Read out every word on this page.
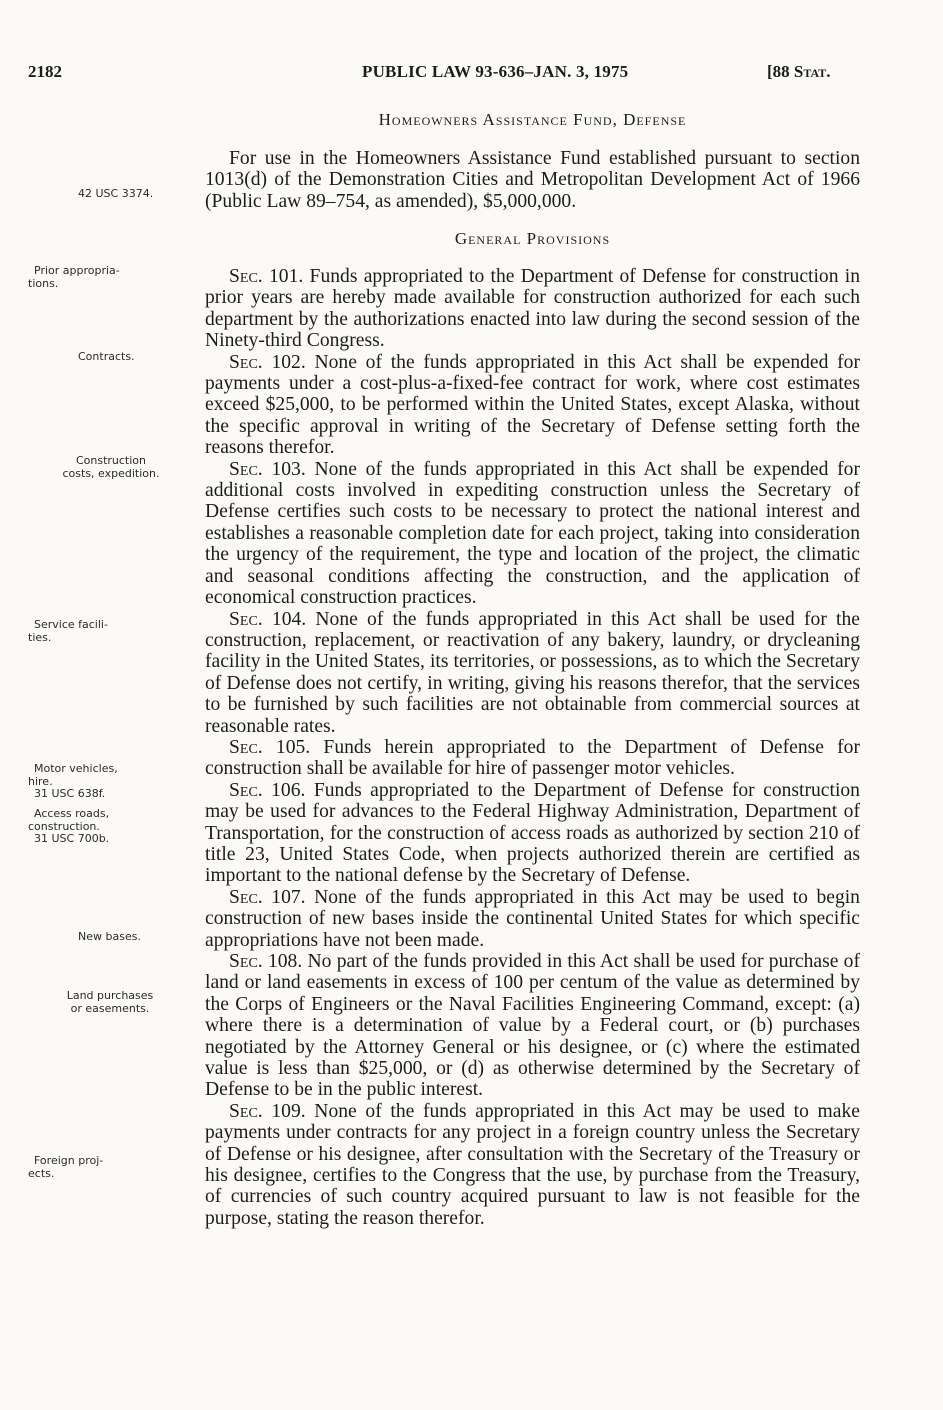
2182	PUBLIC LAW 93-636–JAN. 3, 1975	[88 Stat.
Homeowners Assistance Fund, Defense
General Provisions

For use in the Homeowners Assistance Fund established pursuant to section 1013(d) of the Demonstration Cities and Metropolitan Development Act of 1966 (Public Law 89–754, as amended), $5,000,000.

Sec. 101. Funds appropriated to the Department of Defense for construction in prior years are hereby made available for construction authorized for each such department by the authorizations enacted into law during the second session of the Ninety-third Congress.

Sec. 102. None of the funds appropriated in this Act shall be expended for payments under a cost-plus-a-fixed-fee contract for work, where cost estimates exceed $25,000, to be performed within the United States, except Alaska, without the specific approval in writing of the Secretary of Defense setting forth the reasons therefor.

Sec. 103. None of the funds appropriated in this Act shall be expended for additional costs involved in expediting construction unless the Secretary of Defense certifies such costs to be necessary to protect the national interest and establishes a reasonable completion date for each project, taking into consideration the urgency of the requirement, the type and location of the project, the climatic and seasonal conditions affecting the construction, and the application of economical construction practices.

Sec. 104. None of the funds appropriated in this Act shall be used for the construction, replacement, or reactivation of any bakery, laundry, or drycleaning facility in the United States, its territories, or possessions, as to which the Secretary of Defense does not certify, in writing, giving his reasons therefor, that the services to be furnished by such facilities are not obtainable from commercial sources at reasonable rates.

Sec. 105. Funds herein appropriated to the Department of Defense for construction shall be available for hire of passenger motor vehicles.

Sec. 106. Funds appropriated to the Department of Defense for construction may be used for advances to the Federal Highway Administration, Department of Transportation, for the construction of access roads as authorized by section 210 of title 23, United States Code, when projects authorized therein are certified as important to the national defense by the Secretary of Defense.

Sec. 107. None of the funds appropriated in this Act may be used to begin construction of new bases inside the continental United States for which specific appropriations have not been made.

Sec. 108. No part of the funds provided in this Act shall be used for purchase of land or land easements in excess of 100 per centum of the value as determined by the Corps of Engineers or the Naval Facilities Engineering Command, except: (a) where there is a determination of value by a Federal court, or (b) purchases negotiated by the Attorney General or his designee, or (c) where the estimated value is less than $25,000, or (d) as otherwise determined by the Secretary of Defense to be in the public interest.

Sec. 109. None of the funds appropriated in this Act may be used to make payments under contracts for any project in a foreign country unless the Secretary of Defense or his designee, after consultation with the Secretary of the Treasury or his designee, certifies to the Congress that the use, by purchase from the Treasury, of currencies of such country acquired pursuant to law is not feasible for the purpose, stating the reason therefor.

42 USC 3374.
Prior appropria-
tions.
Contracts.
Construction
costs, expedition.
Service facili-
ties.
Motor vehicles,
hire.
31 USC 638f.
Access roads,
construction.
31 USC 700b.
New bases.
Land purchases
or easements.
Foreign proj-
ects.
